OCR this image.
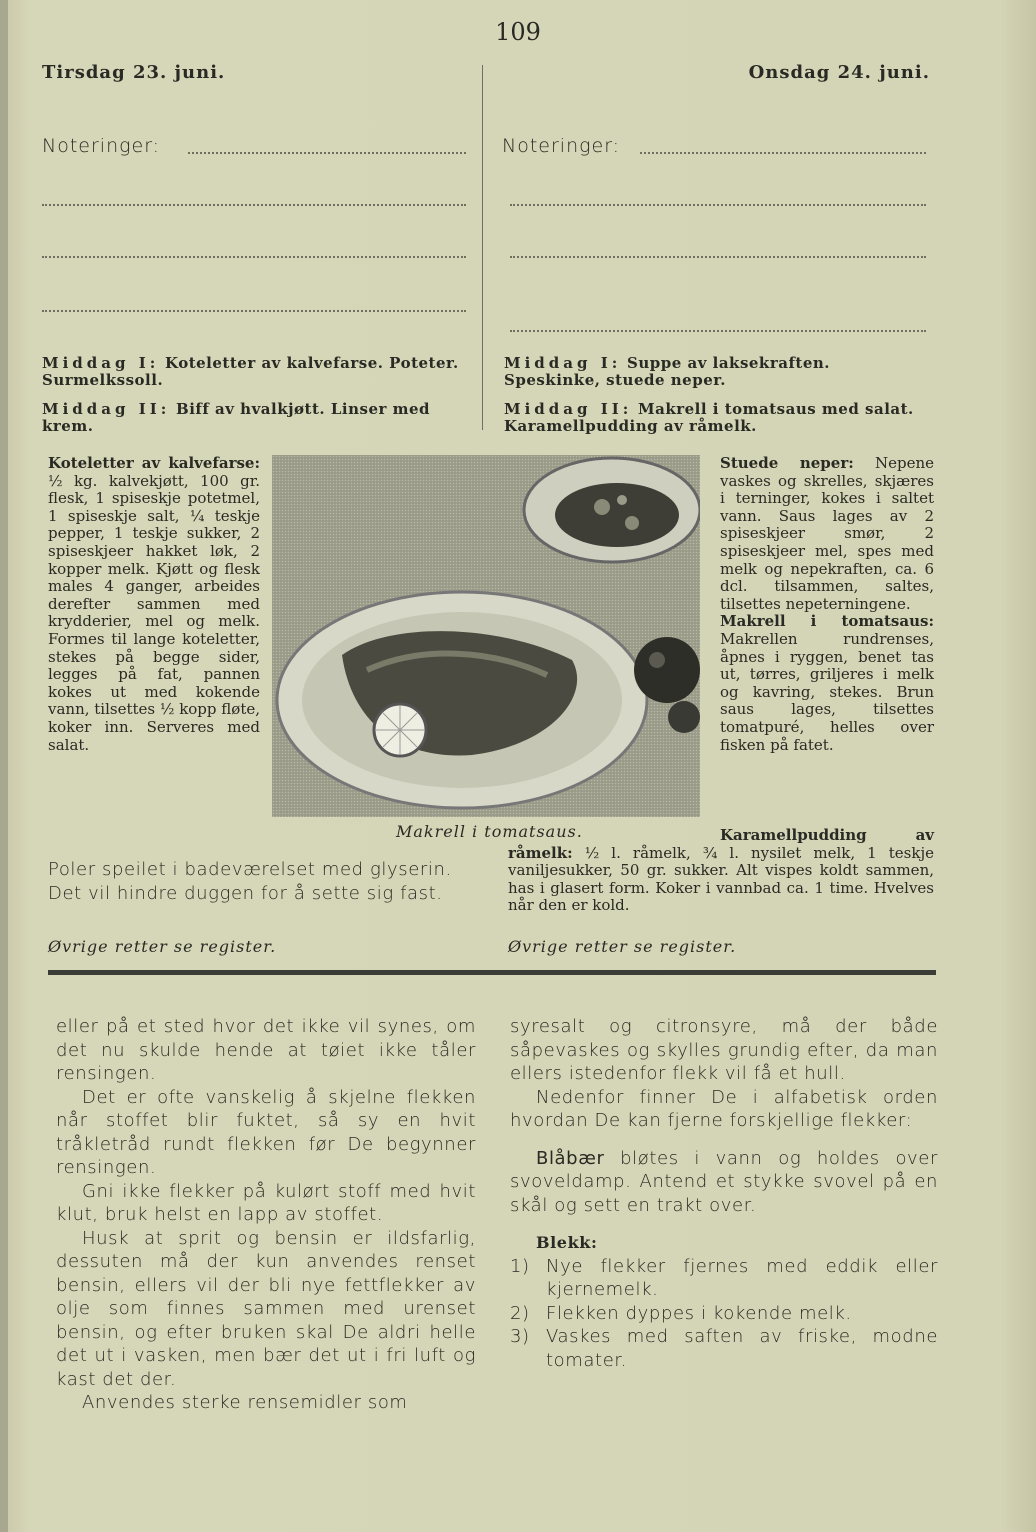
109
Tirsdag 23. juni.	Onsdag 24. juni.
Noteringer:	Noteringer:
Middag I: Koteletter av kalvefarse. Poteter. Surmelkssoll.
Middag II: Biff av hvalkjøtt. Linser med krem.
Middag I: Suppe av laksekraften. Speskinke, stuede neper.
Middag II: Makrell i tomatsaus med salat. Karamellpudding av råmelk.
Koteletter av kalvefarse: ½ kg. kalvekjøtt, 100 gr. flesk, 1 spiseskje potetmel, 1 spiseskje salt, ¼ teskje pepper, 1 teskje sukker, 2 spiseskjeer hakket løk, 2 kopper melk. Kjøtt og flesk males 4 ganger, arbeides derefter sammen med krydderier, mel og melk. Formes til lange koteletter, stekes på begge sider, legges på fat, pannen kokes ut med kokende vann, tilsettes ½ kopp fløte, koker inn. Serveres med salat.
Makrell i tomatsaus.
Stuede neper: Nepene vaskes og skrelles, skjæres i terninger, kokes i saltet vann. Saus lages av 2 spiseskjeer smør, 2 spiseskjeer mel, spes med melk og nepekraften, ca. 6 dcl. tilsammen, saltes, tilsettes nepeterningene.
Makrell i tomatsaus: Makrellen rundrenses, åpnes i ryggen, benet tas ut, tørres, griljeres i melk og kavring, stekes. Brun saus lages, tilsettes tomatpuré, helles over fisken på fatet.
Karamellpudding av råmelk: ½ l. råmelk, ¾ l. nysilet melk, 1 teskje vaniljesukker, 50 gr. sukker. Alt vispes koldt sammen, has i glasert form. Koker i vannbad ca. 1 time. Hvelves når den er kold.
Poler speilet i badeværelset med glyserin. Det vil hindre duggen for å sette sig fast.
Øvrige retter se register.	Øvrige retter se register.

eller på et sted hvor det ikke vil synes, om det nu skulde hende at tøiet ikke tåler rensingen.

Det er ofte vanskelig å skjelne flekken når stoffet blir fuktet, så sy en hvit tråkletråd rundt flekken før De begynner rensingen.

Gni ikke flekker på kulørt stoff med hvit klut, bruk helst en lapp av stoffet.

Husk at sprit og bensin er ildsfarlig, dessuten må der kun anvendes renset bensin, ellers vil der bli nye fettflekker av olje som finnes sammen med urenset bensin, og efter bruken skal De aldri helle det ut i vasken, men bær det ut i fri luft og kast det der.

Anvendes sterke rensemidler som

syresalt og citronsyre, må der både såpevaskes og skylles grundig efter, da man ellers istedenfor flekk vil få et hull.

Nedenfor finner De i alfabetisk orden hvordan De kan fjerne forskjellige flekker:

Blåbær bløtes i vann og holdes over svoveldamp. Antend et stykke svovel på en skål og sett en trakt over.

Blekk:

1) Nye flekker fjernes med eddik eller kjernemelk.
2) Flekken dyppes i kokende melk.
3) Vaskes med saften av friske, modne tomater.
